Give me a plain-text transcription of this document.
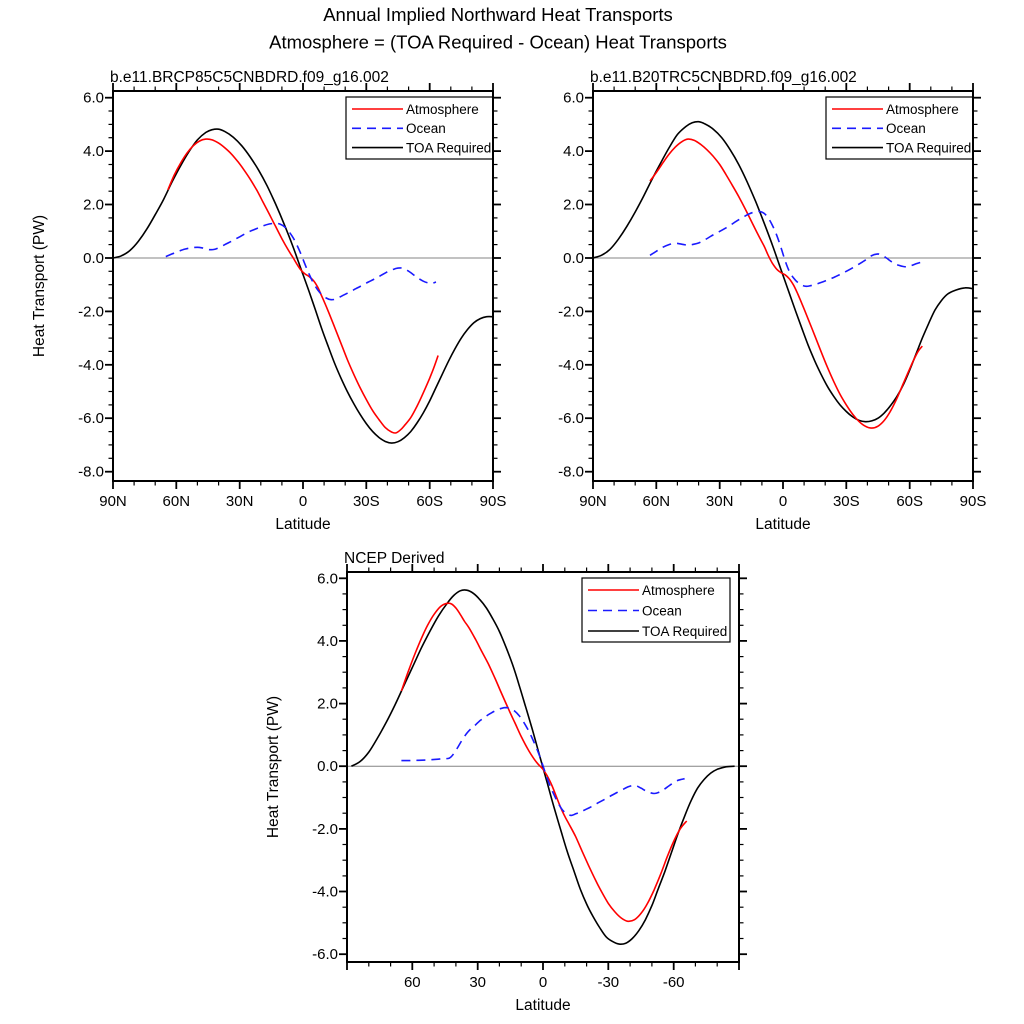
Annual Implied Northward Heat Transports
Atmosphere = (TOA Required - Ocean) Heat Transports
90N 60N 30N	0	30S 60S 90S
6.0
4.0
2.0
0.0
-2.0
-4.0
-6.0
-8.0
Atmosphere
Ocean
TOA Required
b.e11.BRCP85C5CNBDRD.f09_g16.002
Latitude
Heat Transport (PW)
90N 60N 30N	0	30S 60S 90S
6.0
4.0
2.0
0.0
-2.0
-4.0
-6.0
-8.0
Atmosphere
Ocean
TOA Required
b.e11.B20TRC5CNBDRD.f09_g16.002
Latitude
60	30	0	-30	-60
6.0
4.0
2.0
0.0
-2.0
-4.0
-6.0
Atmosphere
Ocean
TOA Required
NCEP Derived
Latitude
Heat Transport (PW)
